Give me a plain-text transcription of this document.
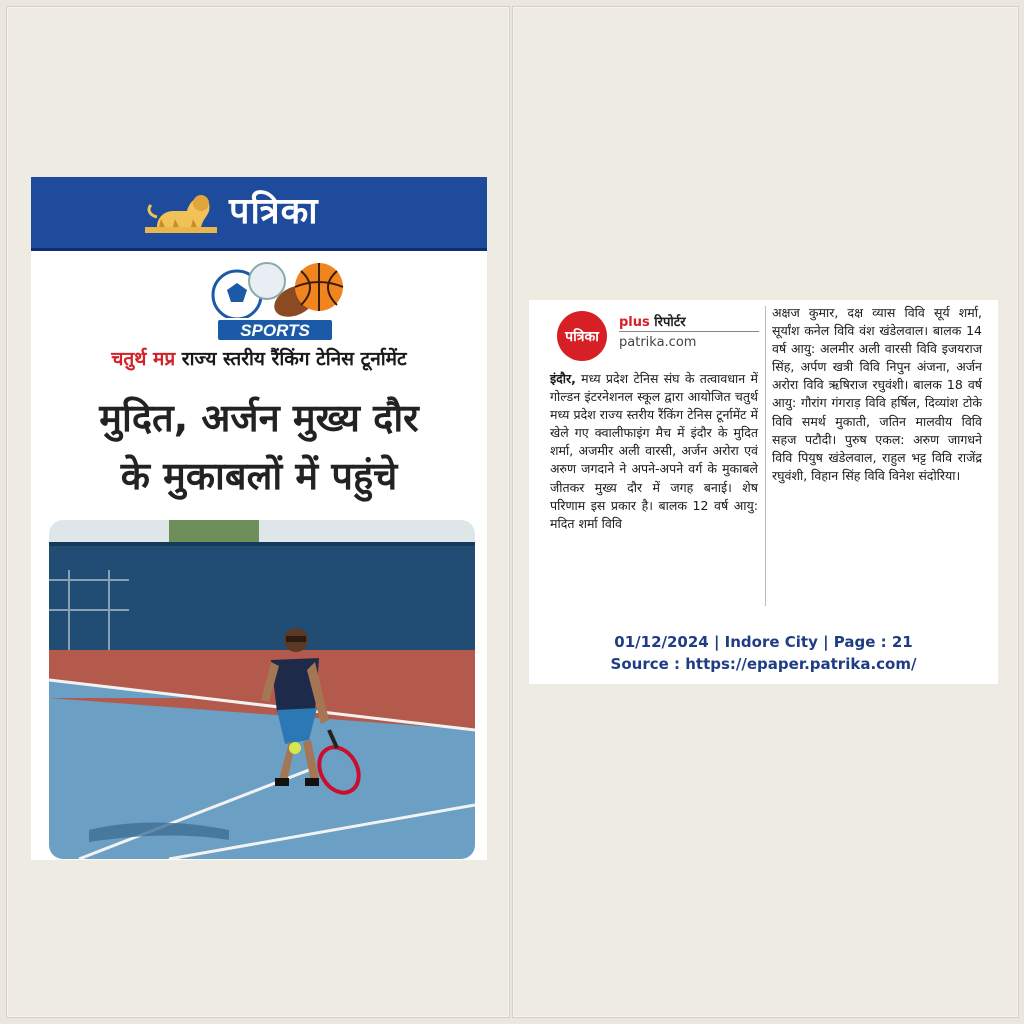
पत्रिका
SPORTS
चतुर्थ मप्र राज्य स्तरीय रैंकिंग टेनिस टूर्नामेंट
मुदित, अर्जन मुख्य दौर
के मुकाबलों में पहुंचे
पत्रिका
plus रिपोर्टर
patrika.com

इंदौर, मध्य प्रदेश टेनिस संघ के तत्वावधान में गोल्डन इंटरनेशनल स्कूल द्वारा आयोजित चतुर्थ मध्य प्रदेश राज्य स्तरीय रैंकिंग टेनिस टूर्नामेंट में खेले गए क्वालीफाइंग मैच में इंदौर के मुदित शर्मा, अजमीर अली वारसी, अर्जन अरोरा एवं अरुण जगदाने ने अपने-अपने वर्ग के मुकाबले जीतकर मुख्य दौर में जगह बनाई। शेष परिणाम इस प्रकार है। बालक 12 वर्ष आयु: मदित शर्मा विवि

अक्षज कुमार, दक्ष व्यास विवि सूर्य शर्मा, सूर्यांश कनेल विवि वंश खंडेलवाल। बालक 14 वर्ष आयु: अलमीर अली वारसी विवि इजयराज सिंह, अर्पण खत्री विवि निपुन अंजना, अर्जन अरोरा विवि ऋषिराज रघुवंशी। बालक 18 वर्ष आयु: गौरांग गंगराड़ विवि हर्षिल, दिव्यांश टोके विवि समर्थ मुकाती, जतिन मालवीय विवि सहज पटौदी। पुरुष एकल: अरुण जागधने विवि पियुष खंडेलवाल, राहुल भट्ट विवि राजेंद्र रघुवंशी, विहान सिंह विवि विनेश संदोरिया।

01/12/2024 | Indore City | Page : 21
Source : https://epaper.patrika.com/
